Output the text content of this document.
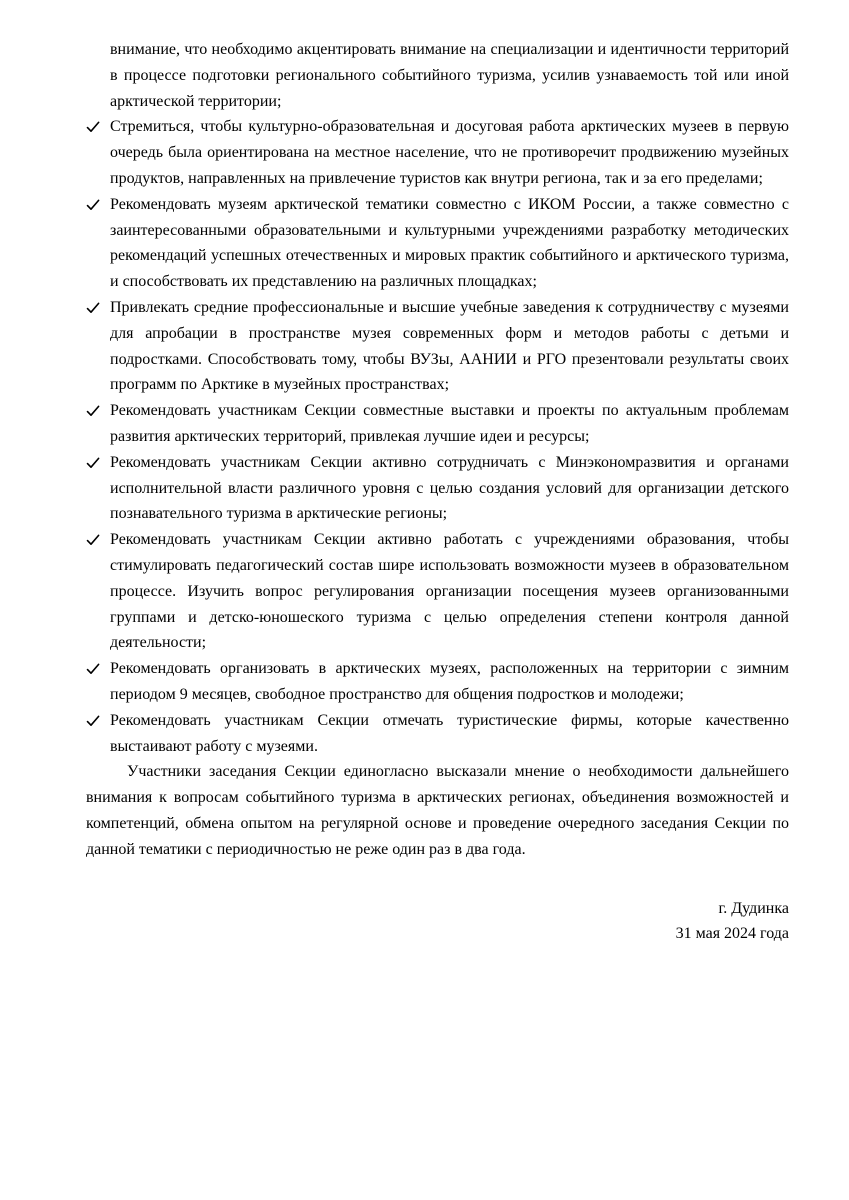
внимание, что необходимо акцентировать внимание на специализации и идентичности территорий в процессе подготовки регионального событийного туризма, усилив узнаваемость той или иной арктической территории;

Стремиться, чтобы культурно-образовательная и досуговая работа арктических музеев в первую очередь была ориентирована на местное население, что не противоречит продвижению музейных продуктов, направленных на привлечение туристов как внутри региона, так и за его пределами;
Рекомендовать музеям арктической тематики совместно с ИКОМ России, а также совместно с заинтересованными образовательными и культурными учреждениями разработку методических рекомендаций успешных отечественных и мировых практик событийного и арктического туризма, и способствовать их представлению на различных площадках;
Привлекать средние профессиональные и высшие учебные заведения к сотрудничеству с музеями для апробации в пространстве музея современных форм и методов работы с детьми и подростками. Способствовать тому, чтобы ВУЗы, ААНИИ и РГО презентовали результаты своих программ по Арктике в музейных пространствах;
Рекомендовать участникам Секции совместные выставки и проекты по актуальным проблемам развития арктических территорий, привлекая лучшие идеи и ресурсы;
Рекомендовать участникам Секции активно сотрудничать с Минэкономразвития и органами исполнительной власти различного уровня с целью создания условий для организации детского познавательного туризма в арктические регионы;
Рекомендовать участникам Секции активно работать с учреждениями образования, чтобы стимулировать педагогический состав шире использовать возможности музеев в образовательном процессе. Изучить вопрос регулирования организации посещения музеев организованными группами и детско-юношеского туризма с целью определения степени контроля данной деятельности;
Рекомендовать организовать в арктических музеях, расположенных на территории с зимним периодом 9 месяцев, свободное пространство для общения подростков и молодежи;
Рекомендовать участникам Секции отмечать туристические фирмы, которые качественно выстаивают работу с музеями.

Участники заседания Секции единогласно высказали мнение о необходимости дальнейшего внимания к вопросам событийного туризма в арктических регионах, объединения возможностей и компетенций, обмена опытом на регулярной основе и проведение очередного заседания Секции по данной тематики с периодичностью не реже один раз в два года.

г. Дудинка
31 мая 2024 года
